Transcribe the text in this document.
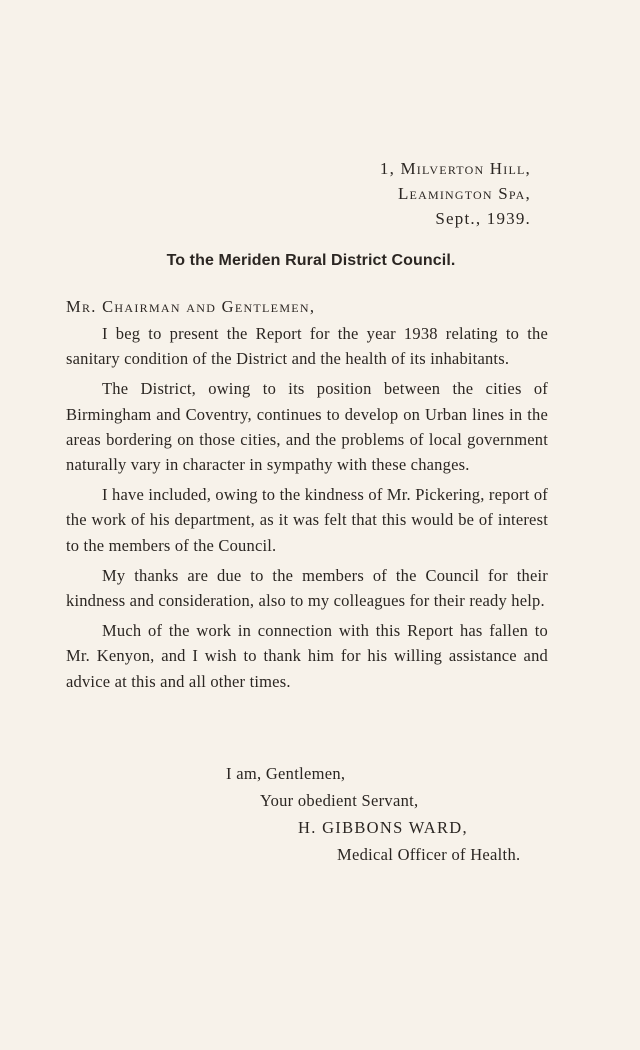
1, Milverton Hill,
Leamington Spa,
Sept., 1939.
To the Meriden Rural District Council.
Mr. Chairman and Gentlemen,

I beg to present the Report for the year 1938 relating to the sanitary condition of the District and the health of its inhabitants.

The District, owing to its position between the cities of Birmingham and Coventry, continues to develop on Urban lines in the areas bordering on those cities, and the problems of local government naturally vary in character in sympathy with these changes.

I have included, owing to the kindness of Mr. Pickering, report of the work of his department, as it was felt that this would be of interest to the members of the Council.

My thanks are due to the members of the Council for their kindness and consideration, also to my colleagues for their ready help.

Much of the work in connection with this Report has fallen to Mr. Kenyon, and I wish to thank him for his willing assistance and advice at this and all other times.

I am, Gentlemen,
Your obedient Servant,
H. GIBBONS WARD,
Medical Officer of Health.
